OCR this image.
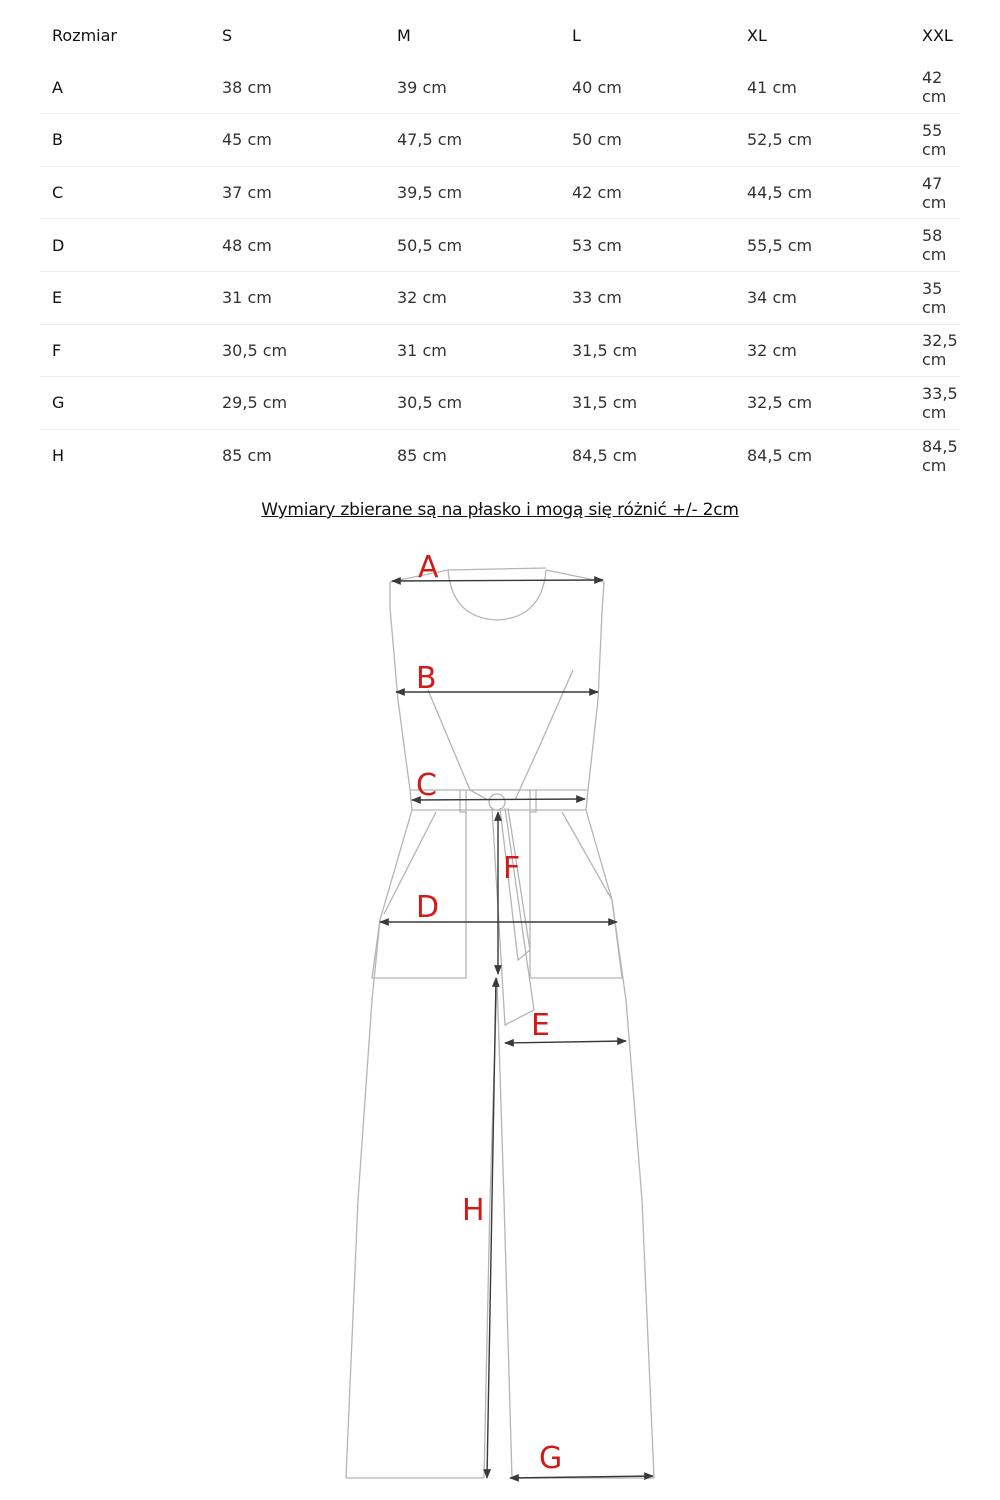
Rozmiar	S	M	L	XL	XXL
A	38 cm	39 cm	40 cm	41 cm	42 cm
B	45 cm	47,5 cm	50 cm	52,5 cm	55 cm
C	37 cm	39,5 cm	42 cm	44,5 cm	47 cm
D	48 cm	50,5 cm	53 cm	55,5 cm	58 cm
E	31 cm	32 cm	33 cm	34 cm	35 cm
F	30,5 cm	31 cm	31,5 cm	32 cm	32,5 cm
G	29,5 cm	30,5 cm	31,5 cm	32,5 cm	33,5 cm
H	85 cm	85 cm	84,5 cm	84,5 cm	84,5 cm
Wymiary zbierane są na płasko i mogą się różnić +/- 2cm
A
B
C
D
E
F
G
H
